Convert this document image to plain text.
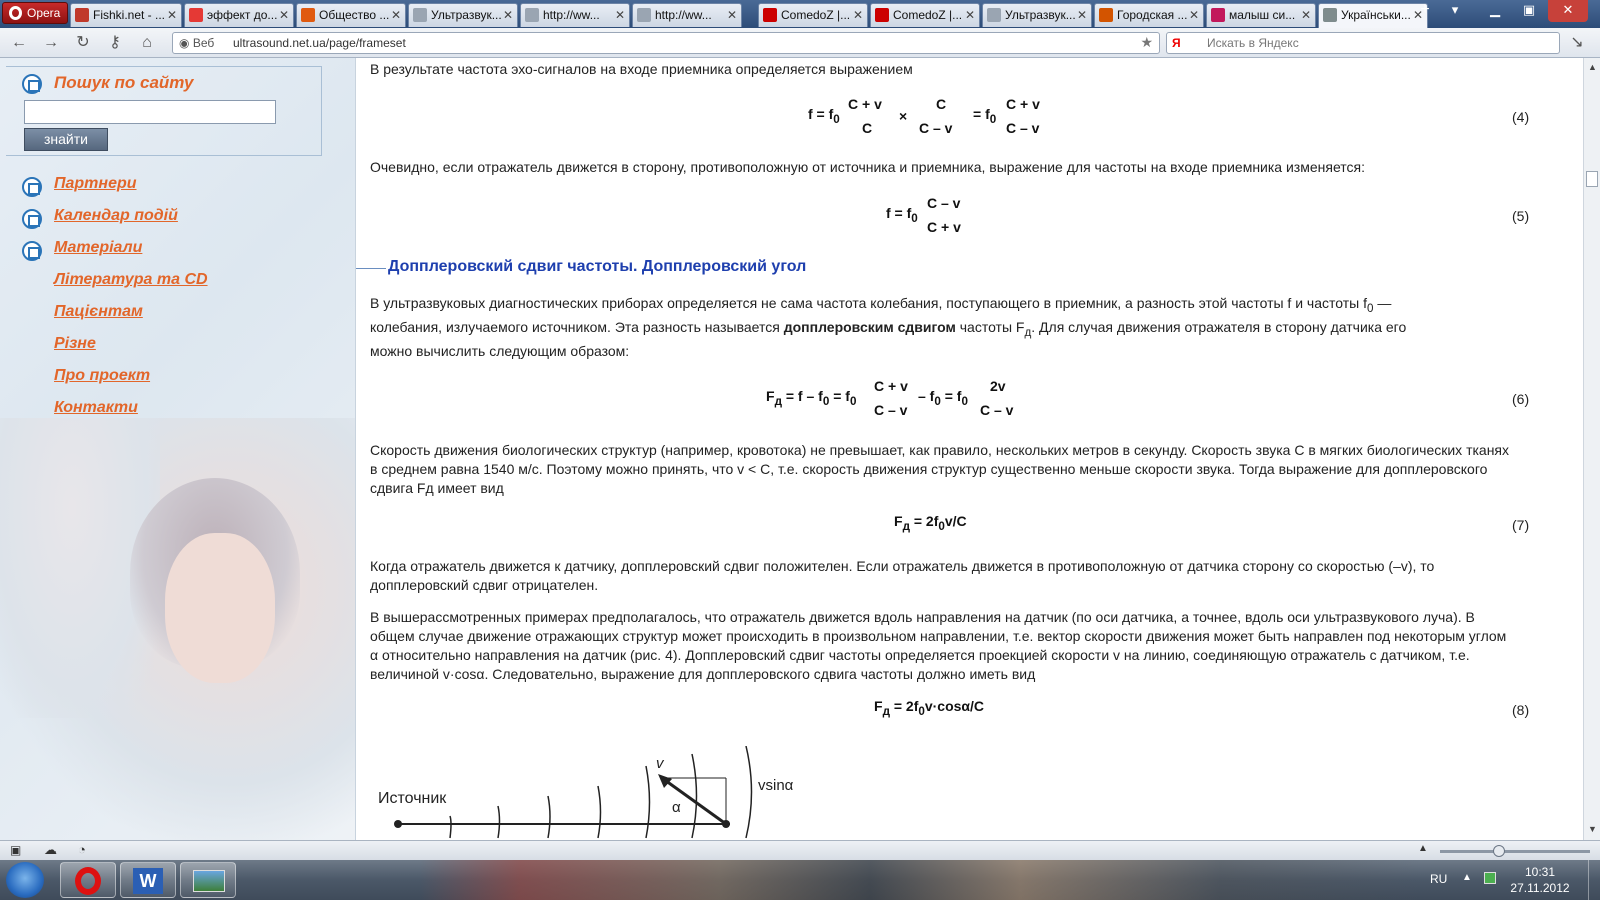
Opera	Fishki.net - ... ✕	эффект до... ✕	Общество ... ✕	Ультразвук... ✕	http://ww... ✕	http://ww... ✕	ComedoZ |... ✕	ComedoZ |... ✕	Ультразвук... ✕	Городская ... ✕	малыш си... ✕	Українськи... ✕
+	▾	▁	▣	✕
← → ↻	⚷	⌂	◉ Веб ultrasound.net.ua/page/frameset	★ Я Искать в Яндекс	↘
Пошук по сайту
знайти
Партнери
Календар подій
Матеріали
Література та CD
Пацієнтам
Різне
Про проект
Контакти
В результате частота эхо-сигналов на входе приемника определяется выражением
$f = f_0$
C + v
C
×
C
C – v
= $f_0$
C + v
C – v
(4)
Очевидно, если отражатель движется в сторону, противоположную от источника и приемника, выражение для частоты на входе приемника изменяется:
$f = f_0$
C – v
C + v
(5)
Допплеровский сдвиг частоты. Допплеровский угол
В ультразвуковых диагностических приборах определяется не сама частота колебания, поступающего в приемник, а разность этой частоты f и частоты $f_0$ —
колебания, излучаемого источником. Эта разность называется допплеровским сдвигом частоты $F_д$. Для случая движения отражателя в сторону датчика его
можно вычислить следующим образом:
$F_д = f - f_0 = f_0$
C + v
C – v
– $f_0 = f_0$
2v
C – v
(6)
Скорость движения биологических структур (например, кровотока) не превышает, как правило, нескольких метров в секунду. Скорость звука С в мягких биологических тканях в среднем равна 1540 м/с. Поэтому можно принять, что v < C, т.е. скорость движения структур существенно меньше скорости звука. Тогда выражение для допплеровского сдвига Fд имеет вид
$F_д = 2f_0v/C$	(7)
Когда отражатель движется к датчику, допплеровский сдвиг положителен. Если отражатель движется в противоположную от датчика сторону со скоростью (–v), то допплеровский сдвиг отрицателен.
В вышерассмотренных примерах предполагалось, что отражатель движется вдоль направления на датчик (по оси датчика, а точнее, вдоль оси ультразвукового луча). В общем случае движение отражающих структур может происходить в произвольном направлении, т.е. вектор скорости движения может быть направлен под некоторым углом α относительно направления на датчик (рис. 4). Допплеровский сдвиг частоты определяется проекцией скорости v на линию, соединяющую отражатель с датчиком, т.е. величиной v·cosα. Следовательно, выражение для допплеровского сдвига частоты должно иметь вид
$F_д = 2f_0v\cdot\cos\alpha/C$	(8)
Источник
v
α
vsinα
▲
▼
▣ ☁ ◔	▲
W	RU ▲	10:31
27.11.2012
